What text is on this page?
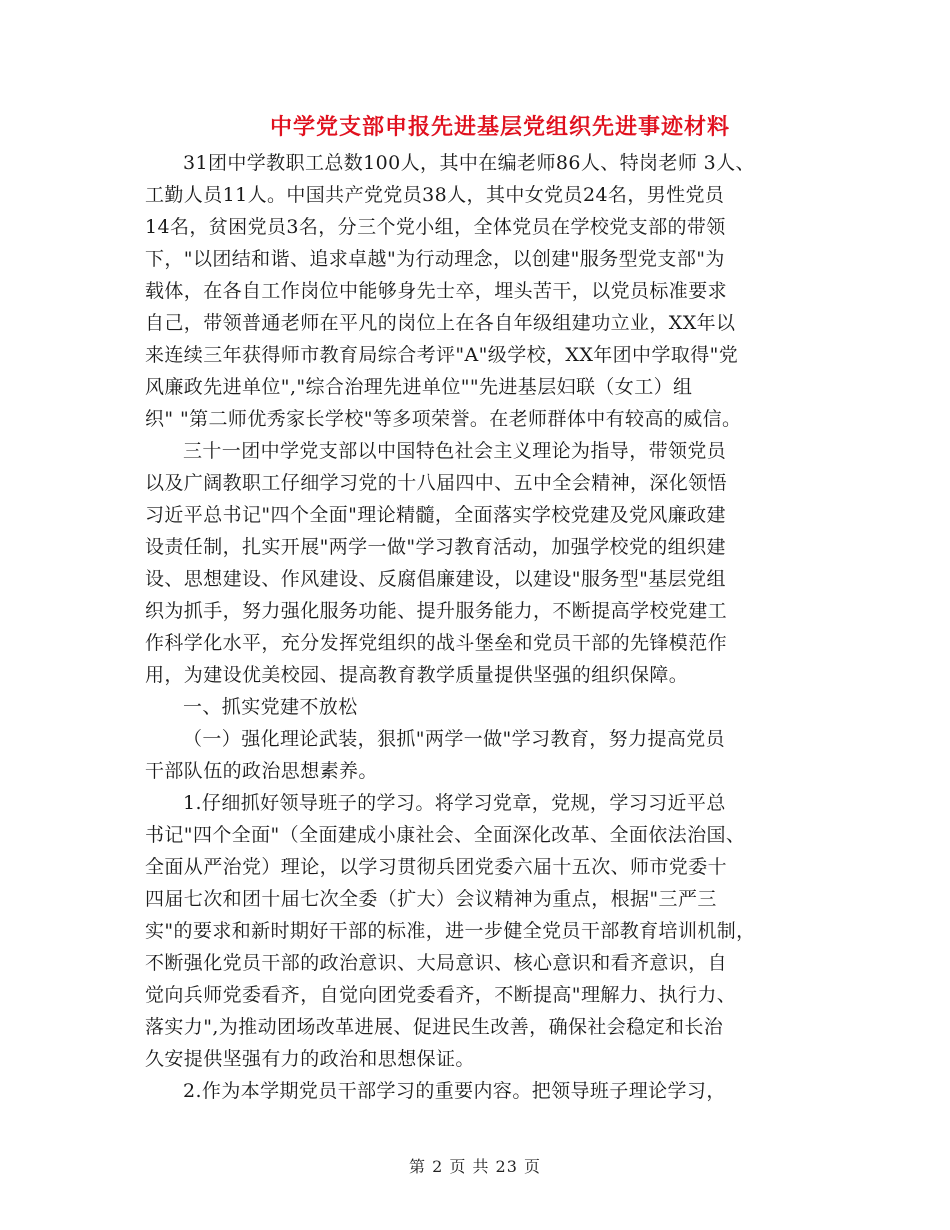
中学党支部申报先进基层党组织先进事迹材料
31团中学教职工总数100人，其中在编老师86人、特岗老师 3人、
工勤人员11人。中国共产党党员38人，其中女党员24名，男性党员
14名，贫困党员3名，分三个党小组，全体党员在学校党支部的带领
下，"以团结和谐、追求卓越"为行动理念，以创建"服务型党支部"为
载体，在各自工作岗位中能够身先士卒，埋头苦干，以党员标准要求
自己，带领普通老师在平凡的岗位上在各自年级组建功立业，XX年以
来连续三年获得师市教育局综合考评"A"级学校，XX年团中学取得"党
风廉政先进单位","综合治理先进单位""先进基层妇联（女工）组
织" "第二师优秀家长学校"等多项荣誉。在老师群体中有较高的威信。
三十一团中学党支部以中国特色社会主义理论为指导，带领党员
以及广阔教职工仔细学习党的十八届四中、五中全会精神，深化领悟
习近平总书记"四个全面"理论精髓，全面落实学校党建及党风廉政建
设责任制，扎实开展"两学一做"学习教育活动，加强学校党的组织建
设、思想建设、作风建设、反腐倡廉建设，以建设"服务型"基层党组
织为抓手，努力强化服务功能、提升服务能力，不断提高学校党建工
作科学化水平，充分发挥党组织的战斗堡垒和党员干部的先锋模范作
用，为建设优美校园、提高教育教学质量提供坚强的组织保障。
一、抓实党建不放松
（一）强化理论武装，狠抓"两学一做"学习教育，努力提高党员
干部队伍的政治思想素养。
1.仔细抓好领导班子的学习。将学习党章，党规，学习习近平总
书记"四个全面"（全面建成小康社会、全面深化改革、全面依法治国、
全面从严治党）理论，以学习贯彻兵团党委六届十五次、师市党委十
四届七次和团十届七次全委（扩大）会议精神为重点，根据"三严三
实"的要求和新时期好干部的标准，进一步健全党员干部教育培训机制，
不断强化党员干部的政治意识、大局意识、核心意识和看齐意识，自
觉向兵师党委看齐，自觉向团党委看齐，不断提高"理解力、执行力、
落实力",为推动团场改革进展、促进民生改善，确保社会稳定和长治
久安提供坚强有力的政治和思想保证。
2.作为本学期党员干部学习的重要内容。把领导班子理论学习，
第 2 页 共 23 页
